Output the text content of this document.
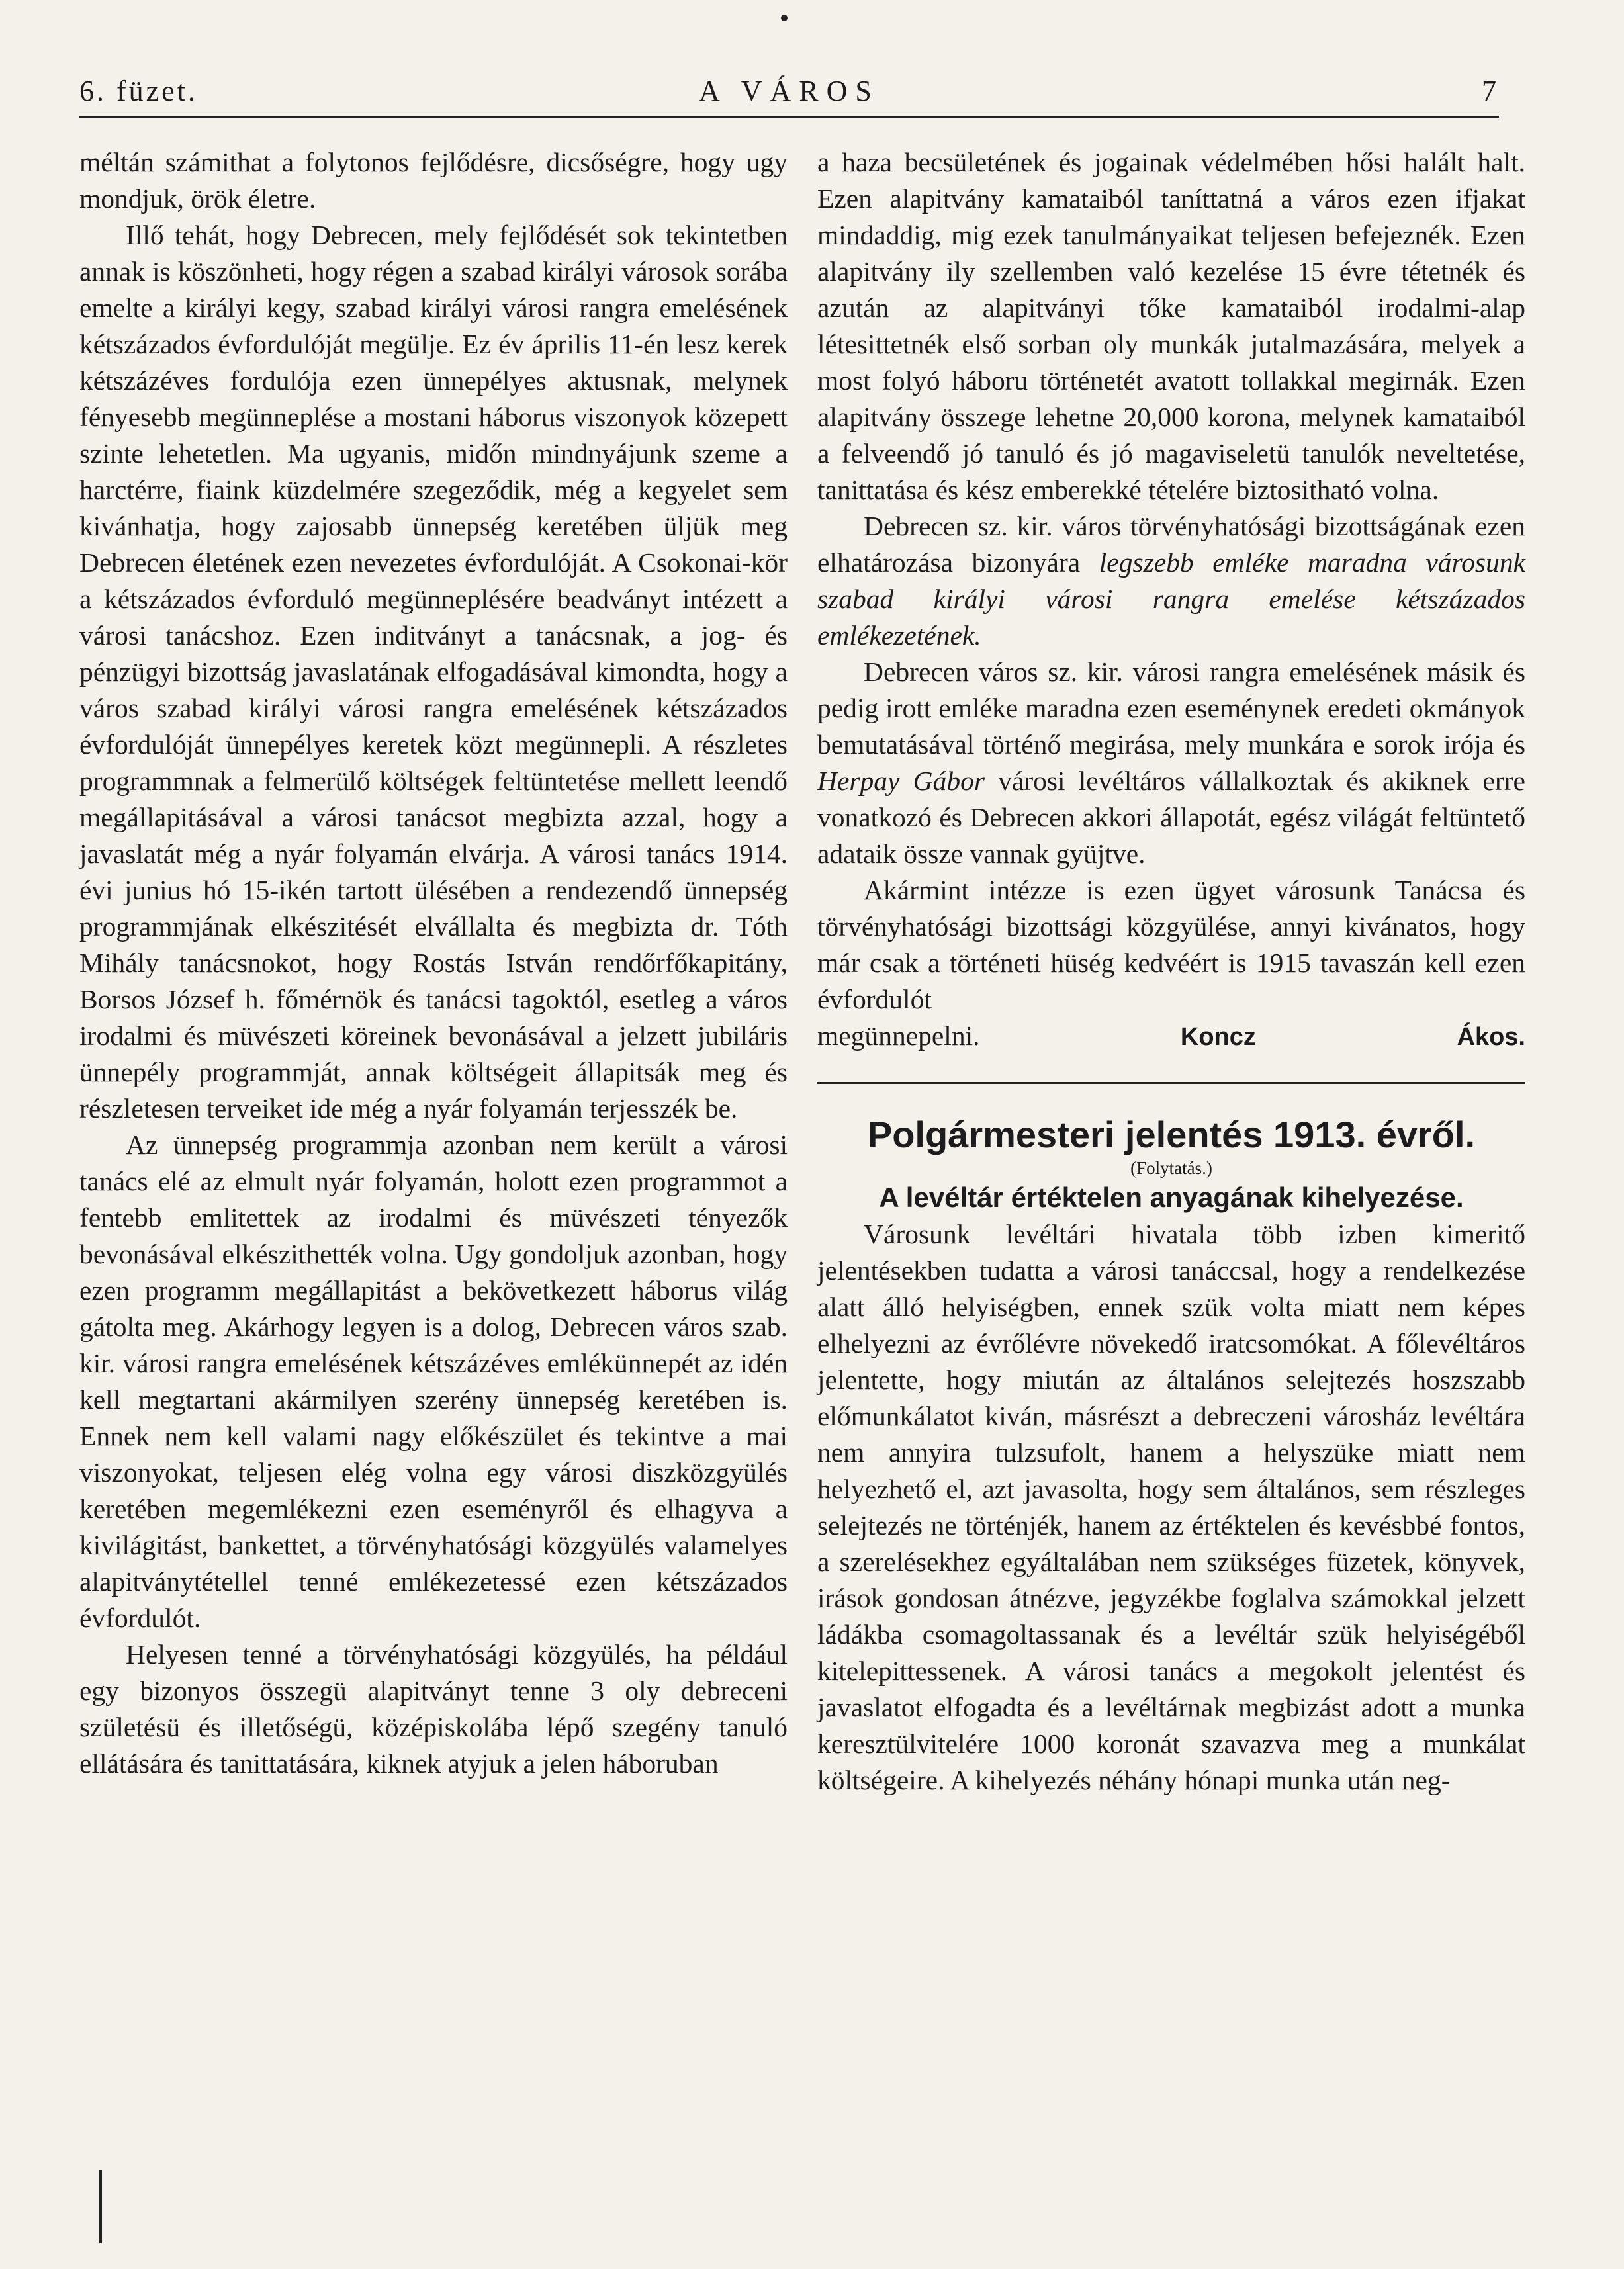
6. füzet.	A VÁROS	7

méltán számithat a folytonos fejlődésre, dicsőségre, hogy ugy mondjuk, örök életre.

Illő tehát, hogy Debrecen, mely fejlődését sok tekintetben annak is köszönheti, hogy régen a szabad királyi városok sorába emelte a királyi kegy, szabad királyi városi rangra emelésének kétszázados évfordulóját megülje. Ez év április 11-én lesz kerek kétszázéves fordulója ezen ünnepélyes aktusnak, melynek fényesebb megünneplése a mostani háborus viszonyok közepett szinte lehetetlen. Ma ugyanis, midőn mindnyájunk szeme a harctérre, fiaink küzdelmére szegeződik, még a kegyelet sem kivánhatja, hogy zajosabb ünnepség keretében üljük meg Debrecen életének ezen nevezetes évfordulóját. A Csokonai-kör a kétszázados évforduló megünneplésére beadványt intézett a városi tanácshoz. Ezen inditványt a tanácsnak, a jog- és pénzügyi bizottság javaslatának elfogadásával kimondta, hogy a város szabad királyi városi rangra emelésének kétszázados évfordulóját ünnepélyes keretek közt megünnepli. A részletes programmnak a felmerülő költségek feltüntetése mellett leendő megállapitásával a városi tanácsot megbizta azzal, hogy a javaslatát még a nyár folyamán elvárja. A városi tanács 1914. évi junius hó 15-ikén tartott ülésében a rendezendő ünnepség programmjának elkészitését elvállalta és megbizta dr. Tóth Mihály tanácsnokot, hogy Rostás István rendőrfőkapitány, Borsos József h. főmérnök és tanácsi tagoktól, esetleg a város irodalmi és müvészeti köreinek bevonásával a jelzett jubiláris ünnepély programmját, annak költségeit állapitsák meg és részletesen terveiket ide még a nyár folyamán terjesszék be.

Az ünnepség programmja azonban nem került a városi tanács elé az elmult nyár folyamán, holott ezen programmot a fentebb emlitettek az irodalmi és müvészeti tényezők bevonásával elkészithették volna. Ugy gondoljuk azonban, hogy ezen programm megállapitást a bekövetkezett háborus világ gátolta meg. Akárhogy legyen is a dolog, Debrecen város szab. kir. városi rangra emelésének kétszázéves emlékünnepét az idén kell megtartani akármilyen szerény ünnepség keretében is. Ennek nem kell valami nagy előkészület és tekintve a mai viszonyokat, teljesen elég volna egy városi diszközgyülés keretében megemlékezni ezen eseményről és elhagyva a kivilágitást, bankettet, a törvényhatósági közgyülés valamelyes alapitványtétellel tenné emlékezetessé ezen kétszázados évfordulót.

Helyesen tenné a törvényhatósági közgyülés, ha például egy bizonyos összegü alapitványt tenne 3 oly debreceni születésü és illetőségü, középiskolába lépő szegény tanuló ellátására és tanittatására, kiknek atyjuk a jelen háboruban

a haza becsületének és jogainak védelmében hősi halált halt. Ezen alapitvány kamataiból taníttatná a város ezen ifjakat mindaddig, mig ezek tanulmányaikat teljesen befejeznék. Ezen alapitvány ily szellemben való kezelése 15 évre tétetnék és azután az alapitványi tőke kamataiból irodalmi-alap létesittetnék első sorban oly munkák jutalmazására, melyek a most folyó háboru történetét avatott tollakkal megirnák. Ezen alapitvány összege lehetne 20,000 korona, melynek kamataiból a felveendő jó tanuló és jó magaviseletü tanulók neveltetése, tanittatása és kész emberekké tételére biztositható volna.

Debrecen sz. kir. város törvényhatósági bizottságának ezen elhatározása bizonyára legszebb emléke maradna városunk szabad királyi városi rangra emelése kétszázados emlékezetének.

Debrecen város sz. kir. városi rangra emelésének másik és pedig irott emléke maradna ezen eseménynek eredeti okmányok bemutatásával történő megirása, mely munkára e sorok irója és Herpay Gábor városi levéltáros vállalkoztak és akiknek erre vonatkozó és Debrecen akkori állapotát, egész világát feltüntető adataik össze vannak gyüjtve.

Akármint intézze is ezen ügyet városunk Tanácsa és törvényhatósági bizottsági közgyülése, annyi kivánatos, hogy már csak a történeti hüség kedvéért is 1915 tavaszán kell ezen évfordulót

megünnepelni.	Koncz Ákos.

Polgármesteri jelentés 1913. évről.

(Folytatás.)

A levéltár értéktelen anyagának kihelyezése.

Városunk levéltári hivatala több izben kimeritő jelentésekben tudatta a városi tanáccsal, hogy a rendelkezése alatt álló helyiségben, ennek szük volta miatt nem képes elhelyezni az évrőlévre növekedő iratcsomókat. A főlevéltáros jelentette, hogy miután az általános selejtezés hoszszabb előmunkálatot kiván, másrészt a debreczeni városház levéltára nem annyira tulzsufolt, hanem a helyszüke miatt nem helyezhető el, azt javasolta, hogy sem általános, sem részleges selejtezés ne történjék, hanem az értéktelen és kevésbbé fontos, a szerelésekhez egyáltalában nem szükséges füzetek, könyvek, irások gondosan átnézve, jegyzékbe foglalva számokkal jelzett ládákba csomagoltassanak és a levéltár szük helyiségéből kitelepittessenek. A városi tanács a megokolt jelentést és javaslatot elfogadta és a levéltárnak megbizást adott a munka keresztülvitelére 1000 koronát szavazva meg a munkálat költségeire. A kihelyezés néhány hónapi munka után neg-
